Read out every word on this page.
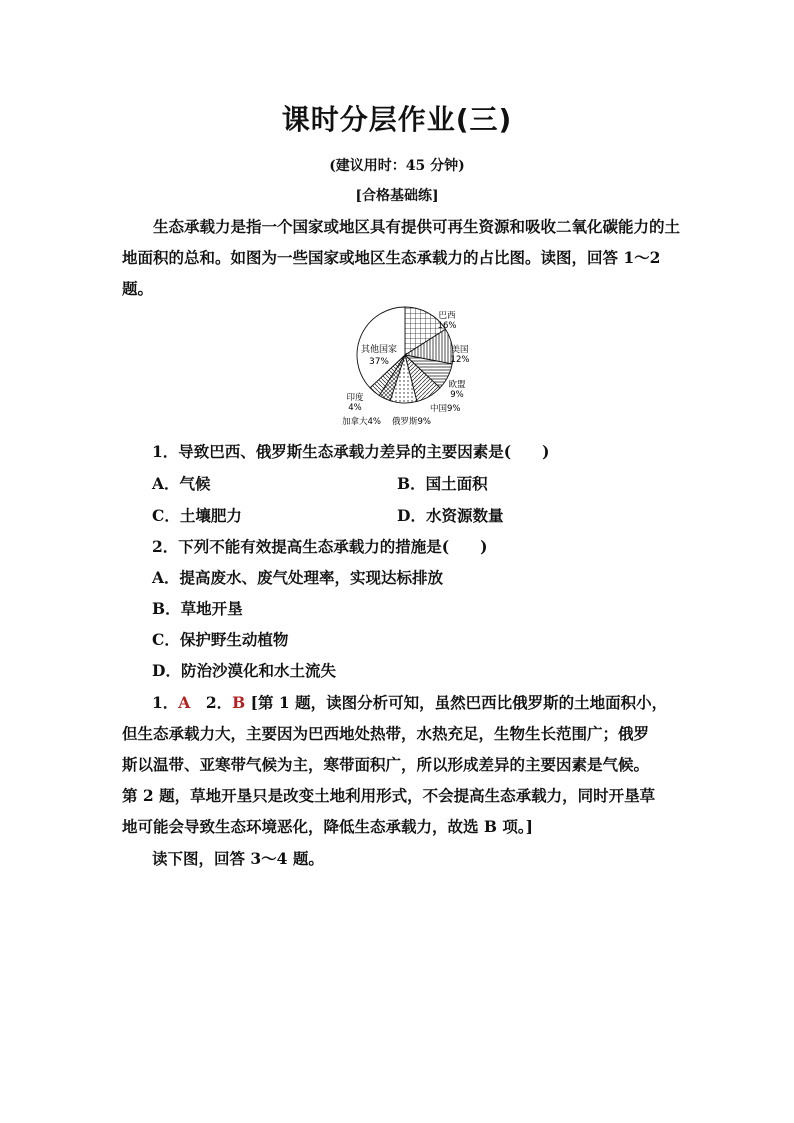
课时分层作业(三)
(建议用时：45 分钟)
[合格基础练]
生态承载力是指一个国家或地区具有提供可再生资源和吸收二氧化碳能力的土地面积的总和。如图为一些国家或地区生态承载力的占比图。读图，回答 1～2 题。
巴西
16%
美国
12%
欧盟
9%
中国9%
俄罗斯9%
加拿大4%
印度
4%
其他国家
37%
1．导致巴西、俄罗斯生态承载力差异的主要因素是(　　)
A．气候	B．国土面积
C．土壤肥力	D．水资源数量
2．下列不能有效提高生态承载力的措施是(　　)
A．提高废水、废气处理率，实现达标排放
B．草地开垦
C．保护野生动植物
D．防治沙漠化和水土流失
1．A　 2．B [第 1 题，读图分析可知，虽然巴西比俄罗斯的土地面积小，
但生态承载力大，主要因为巴西地处热带，水热充足，生物生长范围广；俄罗
斯以温带、亚寒带气候为主，寒带面积广，所以形成差异的主要因素是气候。
第 2 题，草地开垦只是改变土地利用形式，不会提高生态承载力，同时开垦草
地可能会导致生态环境恶化，降低生态承载力，故选 B 项。]
读下图，回答 3～4 题。
